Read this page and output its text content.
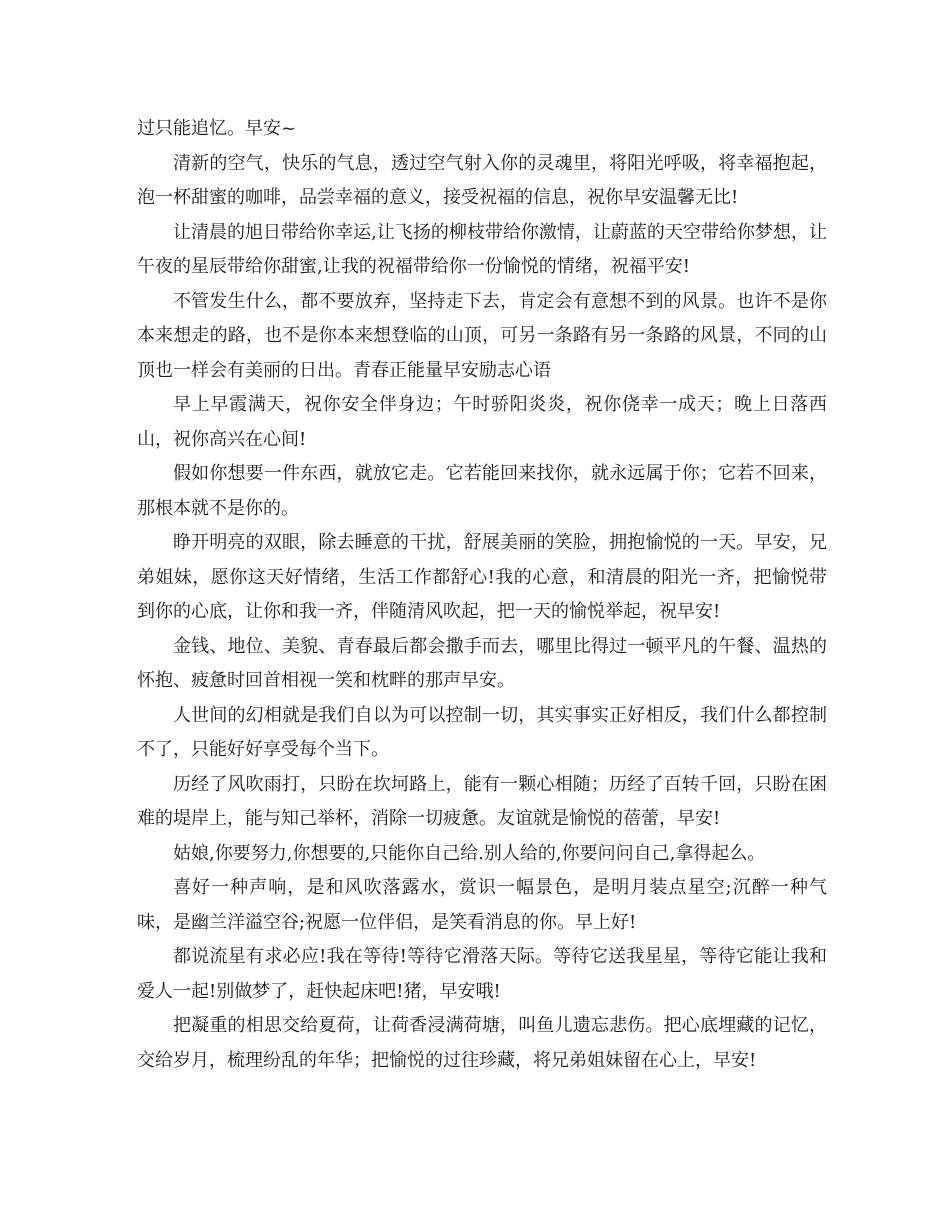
过只能追忆。早安~

清新的空气，快乐的气息，透过空气射入你的灵魂里，将阳光呼吸，将幸福抱起，泡一杯甜蜜的咖啡，品尝幸福的意义，接受祝福的信息，祝你早安温馨无比!

让清晨的旭日带给你幸运,让飞扬的柳枝带给你激情，让蔚蓝的天空带给你梦想，让午夜的星辰带给你甜蜜,让我的祝福带给你一份愉悦的情绪，祝福平安!

不管发生什么，都不要放弃，坚持走下去，肯定会有意想不到的风景。也许不是你本来想走的路，也不是你本来想登临的山顶，可另一条路有另一条路的风景，不同的山顶也一样会有美丽的日出。青春正能量早安励志心语

早上早霞满天，祝你安全伴身边；午时骄阳炎炎，祝你侥幸一成天；晚上日落西山，祝你高兴在心间!

假如你想要一件东西，就放它走。它若能回来找你，就永远属于你；它若不回来，那根本就不是你的。

睁开明亮的双眼，除去睡意的干扰，舒展美丽的笑脸，拥抱愉悦的一天。早安，兄弟姐妹，愿你这天好情绪，生活工作都舒心!我的心意，和清晨的阳光一齐，把愉悦带到你的心底，让你和我一齐，伴随清风吹起，把一天的愉悦举起，祝早安!

金钱、地位、美貌、青春最后都会撒手而去，哪里比得过一顿平凡的午餐、温热的怀抱、疲惫时回首相视一笑和枕畔的那声早安。

人世间的幻相就是我们自以为可以控制一切，其实事实正好相反，我们什么都控制不了，只能好好享受每个当下。

历经了风吹雨打，只盼在坎坷路上，能有一颗心相随；历经了百转千回，只盼在困难的堤岸上，能与知己举杯，消除一切疲惫。友谊就是愉悦的蓓蕾，早安!

姑娘,你要努力,你想要的,只能你自己给.别人给的,你要问问自己,拿得起么。

喜好一种声响，是和风吹落露水，赏识一幅景色，是明月装点星空;沉醉一种气味，是幽兰洋溢空谷;祝愿一位伴侣，是笑看消息的你。早上好!

都说流星有求必应!我在等待!等待它滑落天际。等待它送我星星，等待它能让我和爱人一起!别做梦了，赶快起床吧!猪，早安哦!

把凝重的相思交给夏荷，让荷香浸满荷塘，叫鱼儿遗忘悲伤。把心底埋藏的记忆，交给岁月，梳理纷乱的年华；把愉悦的过往珍藏，将兄弟姐妹留在心上，早安!
